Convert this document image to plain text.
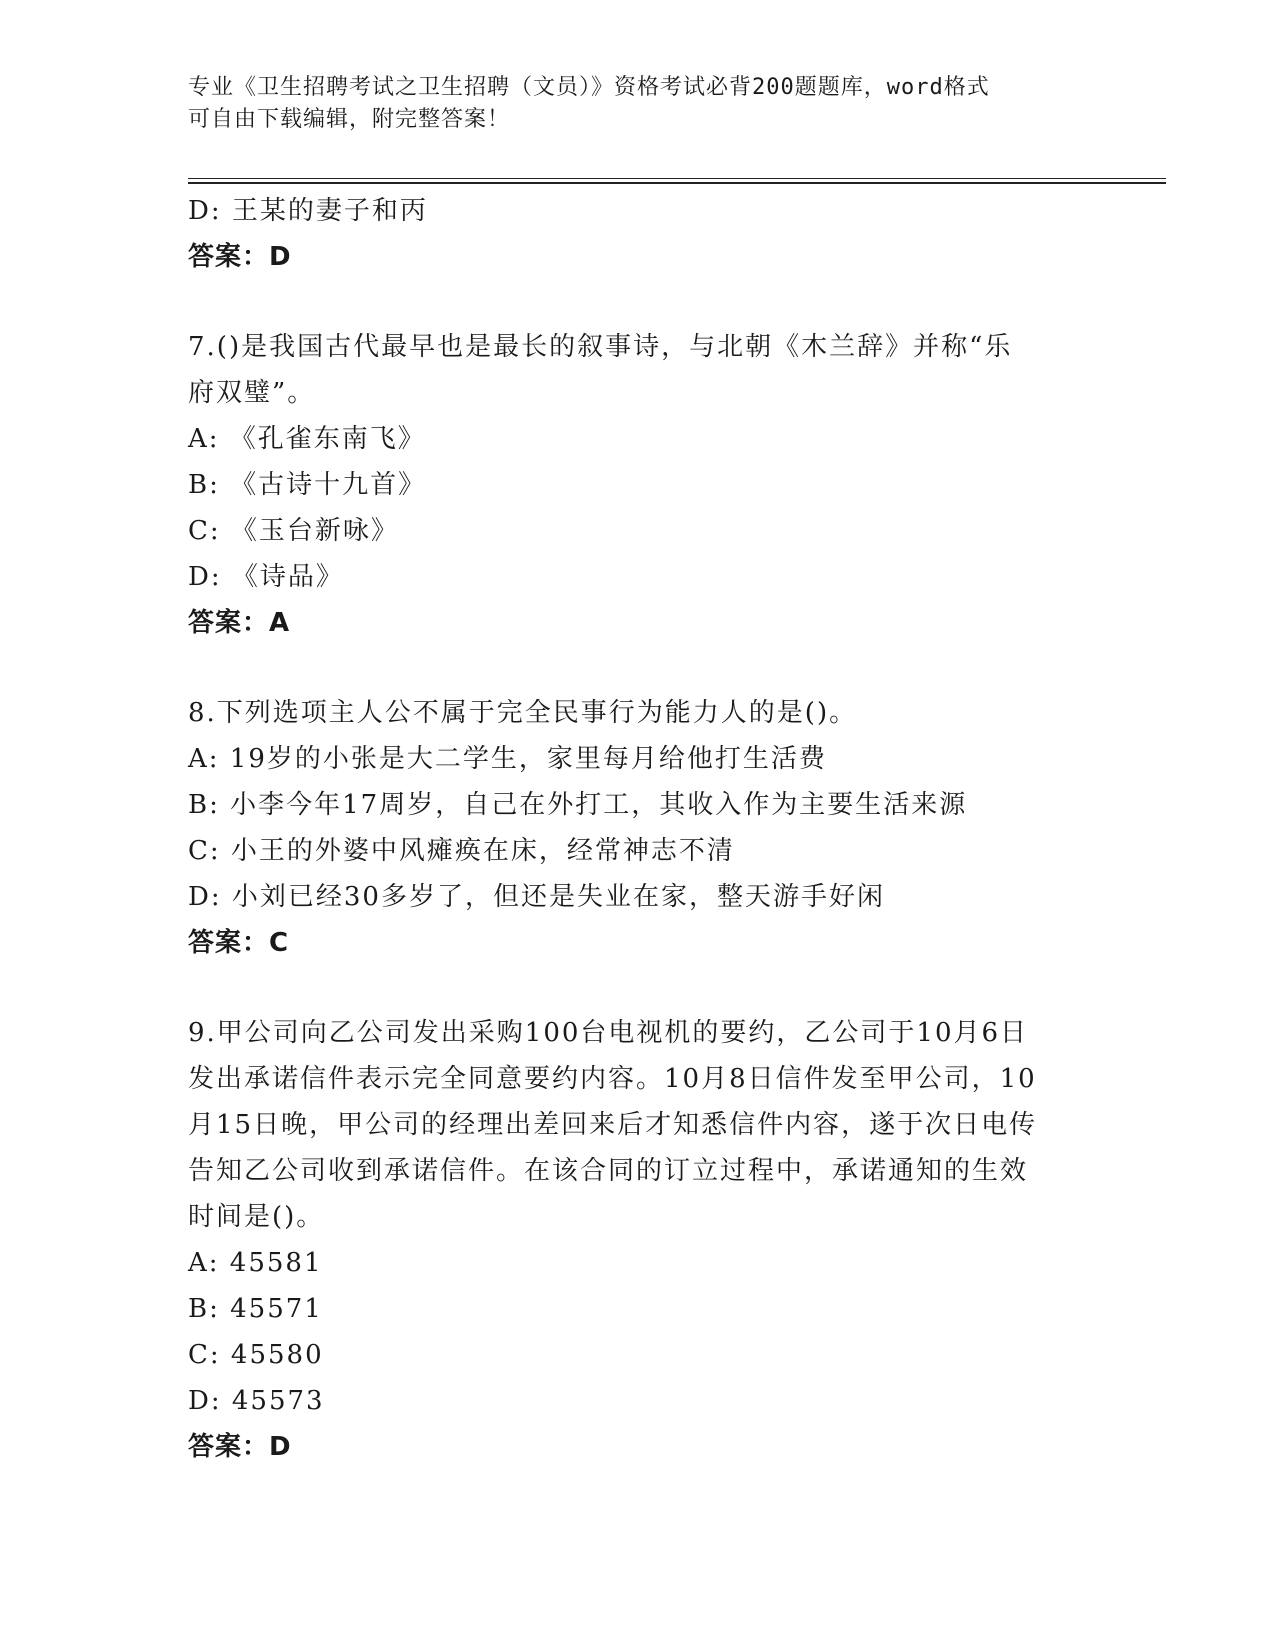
专业《卫生招聘考试之卫生招聘（文员）》资格考试必背200题题库，word格式
可自由下载编辑，附完整答案！
D: 王某的妻子和丙
答案：D
7.()是我国古代最早也是最长的叙事诗，与北朝《木兰辞》并称“乐
府双璧”。
A: 《孔雀东南飞》
B: 《古诗十九首》
C: 《玉台新咏》
D: 《诗品》
答案：A
8.下列选项主人公不属于完全民事行为能力人的是()。
A: 19岁的小张是大二学生，家里每月给他打生活费
B: 小李今年17周岁，自己在外打工，其收入作为主要生活来源
C: 小王的外婆中风瘫痪在床，经常神志不清
D: 小刘已经30多岁了，但还是失业在家，整天游手好闲
答案：C
9.甲公司向乙公司发出采购100台电视机的要约，乙公司于10月6日
发出承诺信件表示完全同意要约内容。10月8日信件发至甲公司，10
月15日晚，甲公司的经理出差回来后才知悉信件内容，遂于次日电传
告知乙公司收到承诺信件。在该合同的订立过程中，承诺通知的生效
时间是()。
A: 45581
B: 45571
C: 45580
D: 45573
答案：D
